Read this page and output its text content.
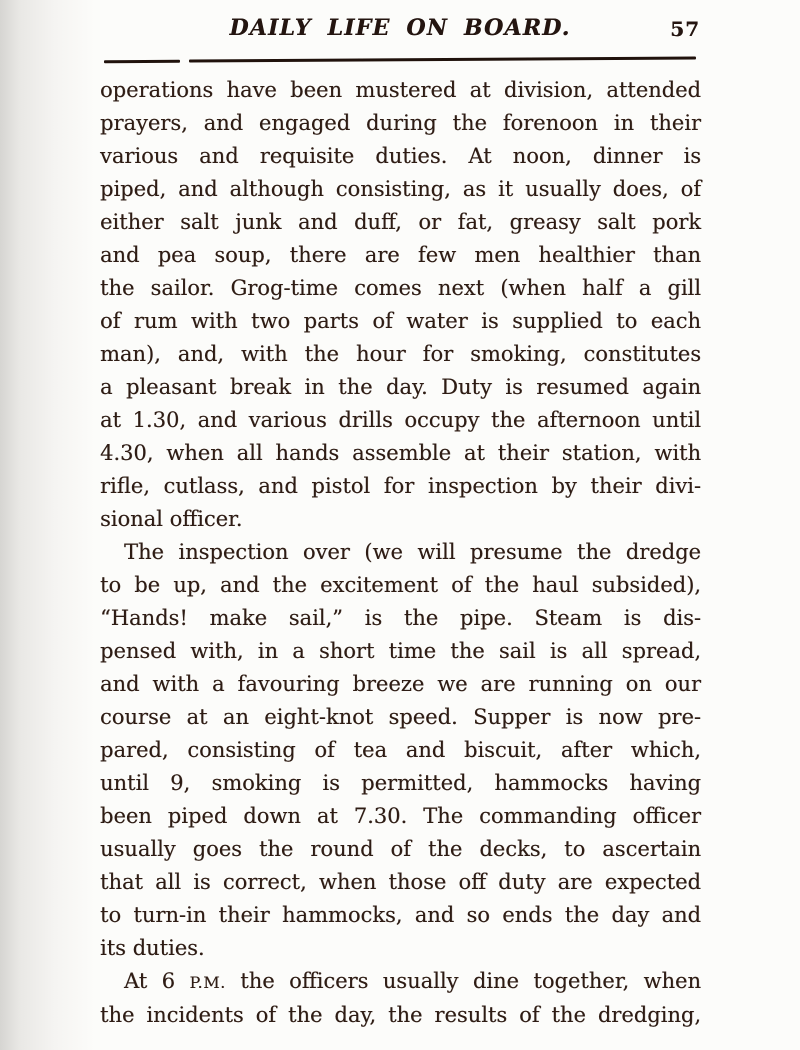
DAILY LIFE ON BOARD.	57

operations have been mustered at division, attended

prayers, and engaged during the forenoon in their

various and requisite duties. At noon, dinner is

piped, and although consisting, as it usually does, of

either salt junk and duff, or fat, greasy salt pork

and pea soup, there are few men healthier than

the sailor. Grog-time comes next (when half a gill

of rum with two parts of water is supplied to each

man), and, with the hour for smoking, constitutes

a pleasant break in the day. Duty is resumed again

at 1.30, and various drills occupy the afternoon until

4.30, when all hands assemble at their station, with

rifle, cutlass, and pistol for inspection by their divi-

sional officer.

The inspection over (we will presume the dredge

to be up, and the excitement of the haul subsided),

“Hands! make sail,” is the pipe. Steam is dis-

pensed with, in a short time the sail is all spread,

and with a favouring breeze we are running on our

course at an eight-knot speed. Supper is now pre-

pared, consisting of tea and biscuit, after which,

until 9, smoking is permitted, hammocks having

been piped down at 7.30. The commanding officer

usually goes the round of the decks, to ascertain

that all is correct, when those off duty are expected

to turn-in their hammocks, and so ends the day and

its duties.

At 6 P.M. the officers usually dine together, when

the incidents of the day, the results of the dredging,
